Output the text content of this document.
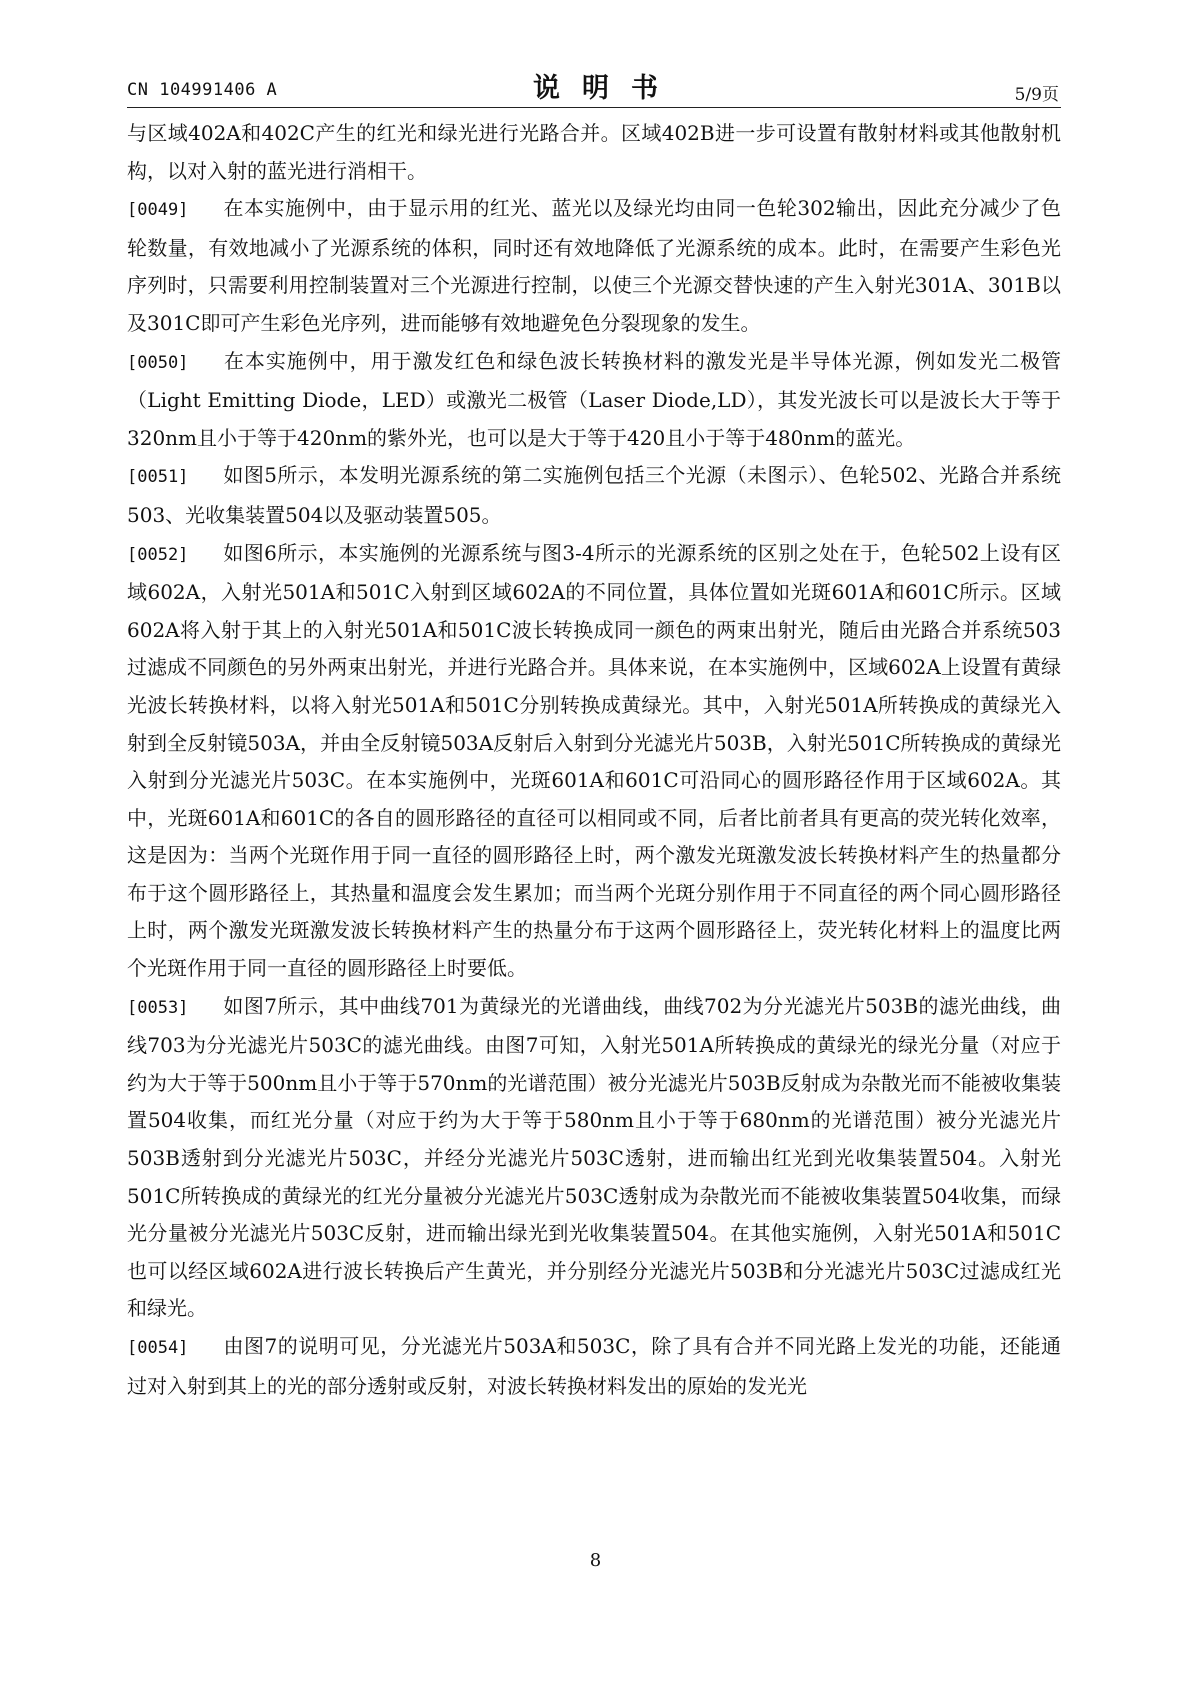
CN 104991406 A	说明书	5/9页

与区域402A和402C产生的红光和绿光进行光路合并。区域402B进一步可设置有散射材料或其他散射机构，以对入射的蓝光进行消相干。

[0049] 在本实施例中，由于显示用的红光、蓝光以及绿光均由同一色轮302输出，因此充分减少了色轮数量，有效地减小了光源系统的体积，同时还有效地降低了光源系统的成本。此时，在需要产生彩色光序列时，只需要利用控制装置对三个光源进行控制，以使三个光源交替快速的产生入射光301A、301B以及301C即可产生彩色光序列，进而能够有效地避免色分裂现象的发生。

[0050] 在本实施例中，用于激发红色和绿色波长转换材料的激发光是半导体光源，例如发光二极管（Light Emitting Diode，LED）或激光二极管（Laser Diode,LD），其发光波长可以是波长大于等于320nm且小于等于420nm的紫外光，也可以是大于等于420且小于等于480nm的蓝光。

[0051] 如图5所示，本发明光源系统的第二实施例包括三个光源（未图示）、色轮502、光路合并系统503、光收集装置504以及驱动装置505。

[0052] 如图6所示，本实施例的光源系统与图3-4所示的光源系统的区别之处在于，色轮502上设有区域602A，入射光501A和501C入射到区域602A的不同位置，具体位置如光斑601A和601C所示。区域602A将入射于其上的入射光501A和501C波长转换成同一颜色的两束出射光，随后由光路合并系统503过滤成不同颜色的另外两束出射光，并进行光路合并。具体来说，在本实施例中，区域602A上设置有黄绿光波长转换材料，以将入射光501A和501C分别转换成黄绿光。其中，入射光501A所转换成的黄绿光入射到全反射镜503A，并由全反射镜503A反射后入射到分光滤光片503B，入射光501C所转换成的黄绿光入射到分光滤光片503C。在本实施例中，光斑601A和601C可沿同心的圆形路径作用于区域602A。其中，光斑601A和601C的各自的圆形路径的直径可以相同或不同，后者比前者具有更高的荧光转化效率，这是因为：当两个光斑作用于同一直径的圆形路径上时，两个激发光斑激发波长转换材料产生的热量都分布于这个圆形路径上，其热量和温度会发生累加；而当两个光斑分别作用于不同直径的两个同心圆形路径上时，两个激发光斑激发波长转换材料产生的热量分布于这两个圆形路径上，荧光转化材料上的温度比两个光斑作用于同一直径的圆形路径上时要低。

[0053] 如图7所示，其中曲线701为黄绿光的光谱曲线，曲线702为分光滤光片503B的滤光曲线，曲线703为分光滤光片503C的滤光曲线。由图7可知，入射光501A所转换成的黄绿光的绿光分量（对应于约为大于等于500nm且小于等于570nm的光谱范围）被分光滤光片503B反射成为杂散光而不能被收集装置504收集，而红光分量（对应于约为大于等于580nm且小于等于680nm的光谱范围）被分光滤光片503B透射到分光滤光片503C，并经分光滤光片503C透射，进而输出红光到光收集装置504。入射光501C所转换成的黄绿光的红光分量被分光滤光片503C透射成为杂散光而不能被收集装置504收集，而绿光分量被分光滤光片503C反射，进而输出绿光到光收集装置504。在其他实施例，入射光501A和501C也可以经区域602A进行波长转换后产生黄光，并分别经分光滤光片503B和分光滤光片503C过滤成红光和绿光。

[0054] 由图7的说明可见，分光滤光片503A和503C，除了具有合并不同光路上发光的功能，还能通过对入射到其上的光的部分透射或反射，对波长转换材料发出的原始的发光光

8
